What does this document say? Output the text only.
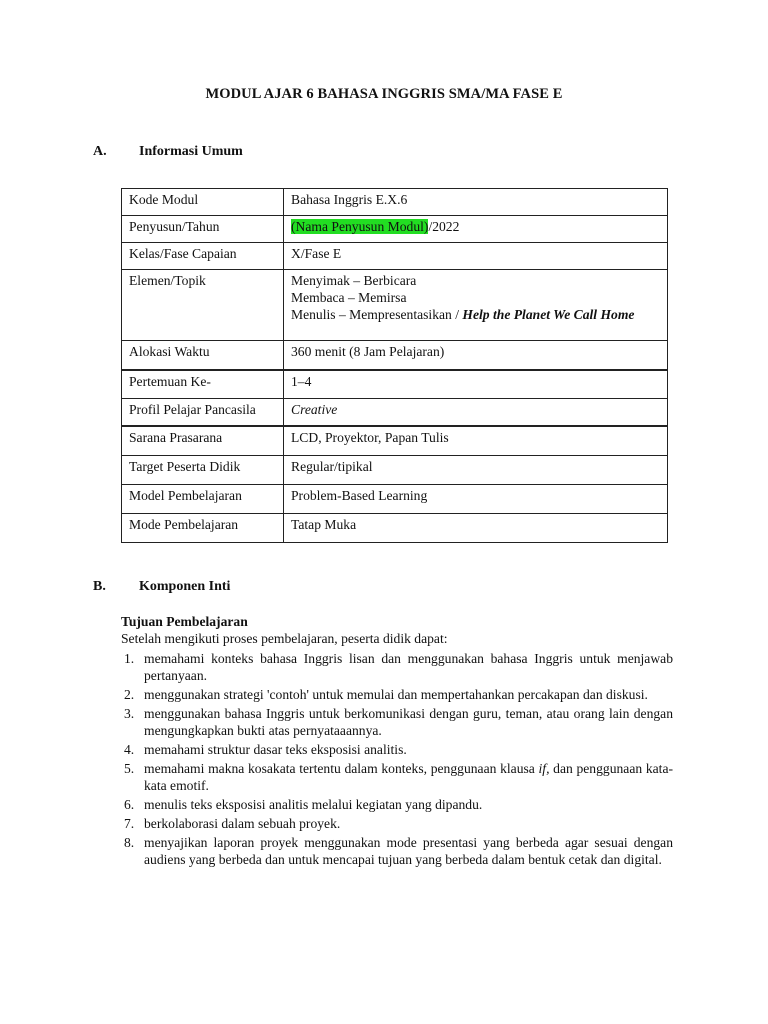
MODUL AJAR 6 BAHASA INGGRIS SMA/MA FASE E
A. Informasi Umum
Kode Modul	Bahasa Inggris E.X.6
Penyusun/Tahun	(Nama Penyusun Modul)/2022
Kelas/Fase Capaian	X/Fase E
Elemen/Topik	Menyimak – Berbicara
Membaca – Memirsa
Menulis – Mempresentasikan / Help the Planet We Call Home

Alokasi Waktu	360 menit (8 Jam Pelajaran)
Pertemuan Ke-	1–4
Profil Pelajar Pancasila	Creative
Sarana Prasarana	LCD, Proyektor, Papan Tulis
Target Peserta Didik	Regular/tipikal
Model Pembelajaran	Problem-Based Learning
Mode Pembelajaran	Tatap Muka
B. Komponen Inti
Tujuan Pembelajaran
Setelah mengikuti proses pembelajaran, peserta didik dapat:
1. memahami konteks bahasa Inggris lisan dan menggunakan bahasa Inggris untuk menjawab pertanyaan.
2. menggunakan strategi 'contoh' untuk memulai dan mempertahankan percakapan dan diskusi.
3. menggunakan bahasa Inggris untuk berkomunikasi dengan guru, teman, atau orang lain dengan mengungkapkan bukti atas pernyataaannya.
4. memahami struktur dasar teks eksposisi analitis.
5. memahami makna kosakata tertentu dalam konteks, penggunaan klausa if, dan penggunaan kata-kata emotif.
6. menulis teks eksposisi analitis melalui kegiatan yang dipandu.
7. berkolaborasi dalam sebuah proyek.
8. menyajikan laporan proyek menggunakan mode presentasi yang berbeda agar sesuai dengan audiens yang berbeda dan untuk mencapai tujuan yang berbeda dalam bentuk cetak dan digital.
